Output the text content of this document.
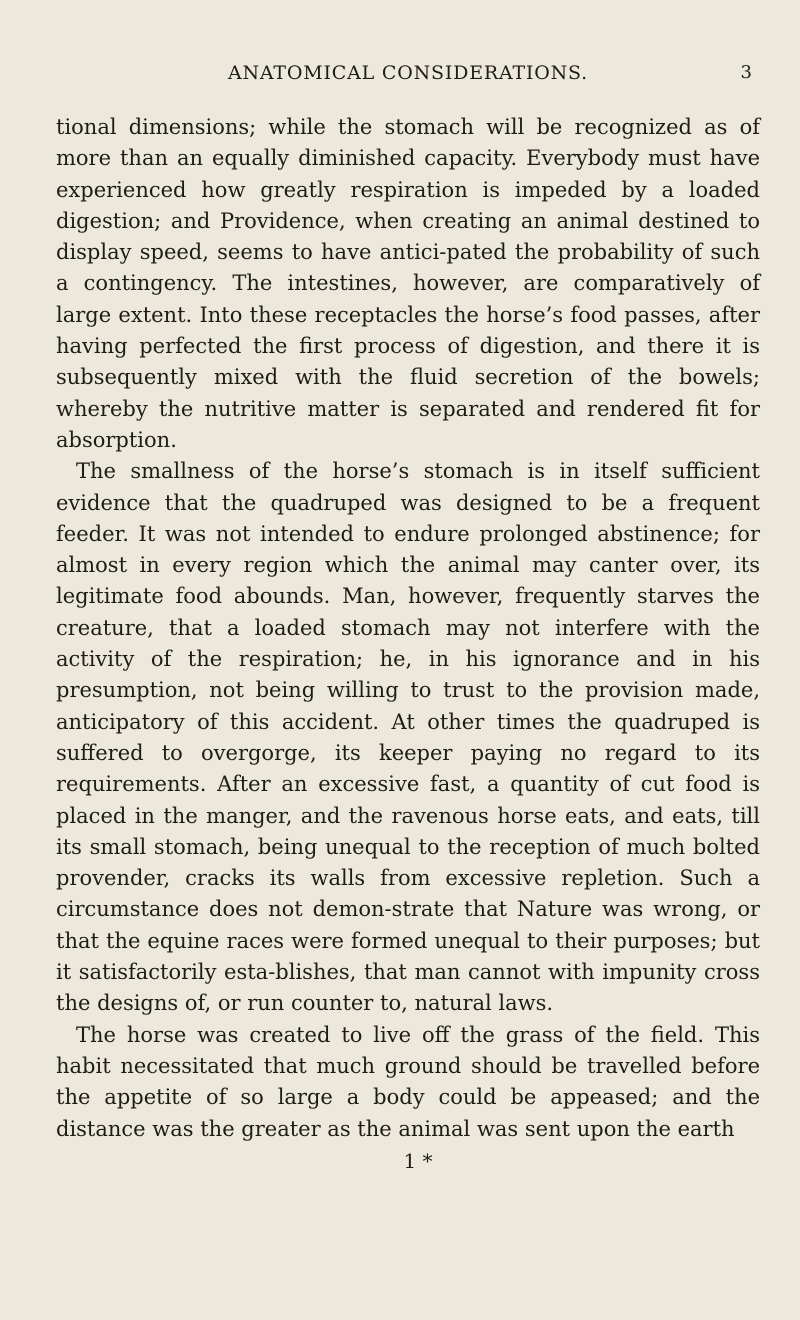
ANATOMICAL CONSIDERATIONS.	3

tional dimensions; while the stomach will be recognized as of more than an equally diminished capacity. Everybody must have experienced how greatly respiration is impeded by a loaded digestion; and Providence, when creating an animal destined to display speed, seems to have antici-pated the probability of such a contingency. The intestines, however, are comparatively of large extent. Into these receptacles the horse’s food passes, after having perfected the first process of digestion, and there it is subsequently mixed with the fluid secretion of the bowels; whereby the nutritive matter is separated and rendered fit for absorption.

The smallness of the horse’s stomach is in itself sufficient evidence that the quadruped was designed to be a frequent feeder. It was not intended to endure prolonged abstinence; for almost in every region which the animal may canter over, its legitimate food abounds. Man, however, frequently starves the creature, that a loaded stomach may not interfere with the activity of the respiration; he, in his ignorance and in his presumption, not being willing to trust to the provision made, anticipatory of this accident. At other times the quadruped is suffered to overgorge, its keeper paying no regard to its requirements. After an excessive fast, a quantity of cut food is placed in the manger, and the ravenous horse eats, and eats, till its small stomach, being unequal to the reception of much bolted provender, cracks its walls from excessive repletion. Such a circumstance does not demon-strate that Nature was wrong, or that the equine races were formed unequal to their purposes; but it satisfactorily esta-blishes, that man cannot with impunity cross the designs of, or run counter to, natural laws.

The horse was created to live off the grass of the field. This habit necessitated that much ground should be travelled before the appetite of so large a body could be appeased; and the distance was the greater as the animal was sent upon the earth

1 *
